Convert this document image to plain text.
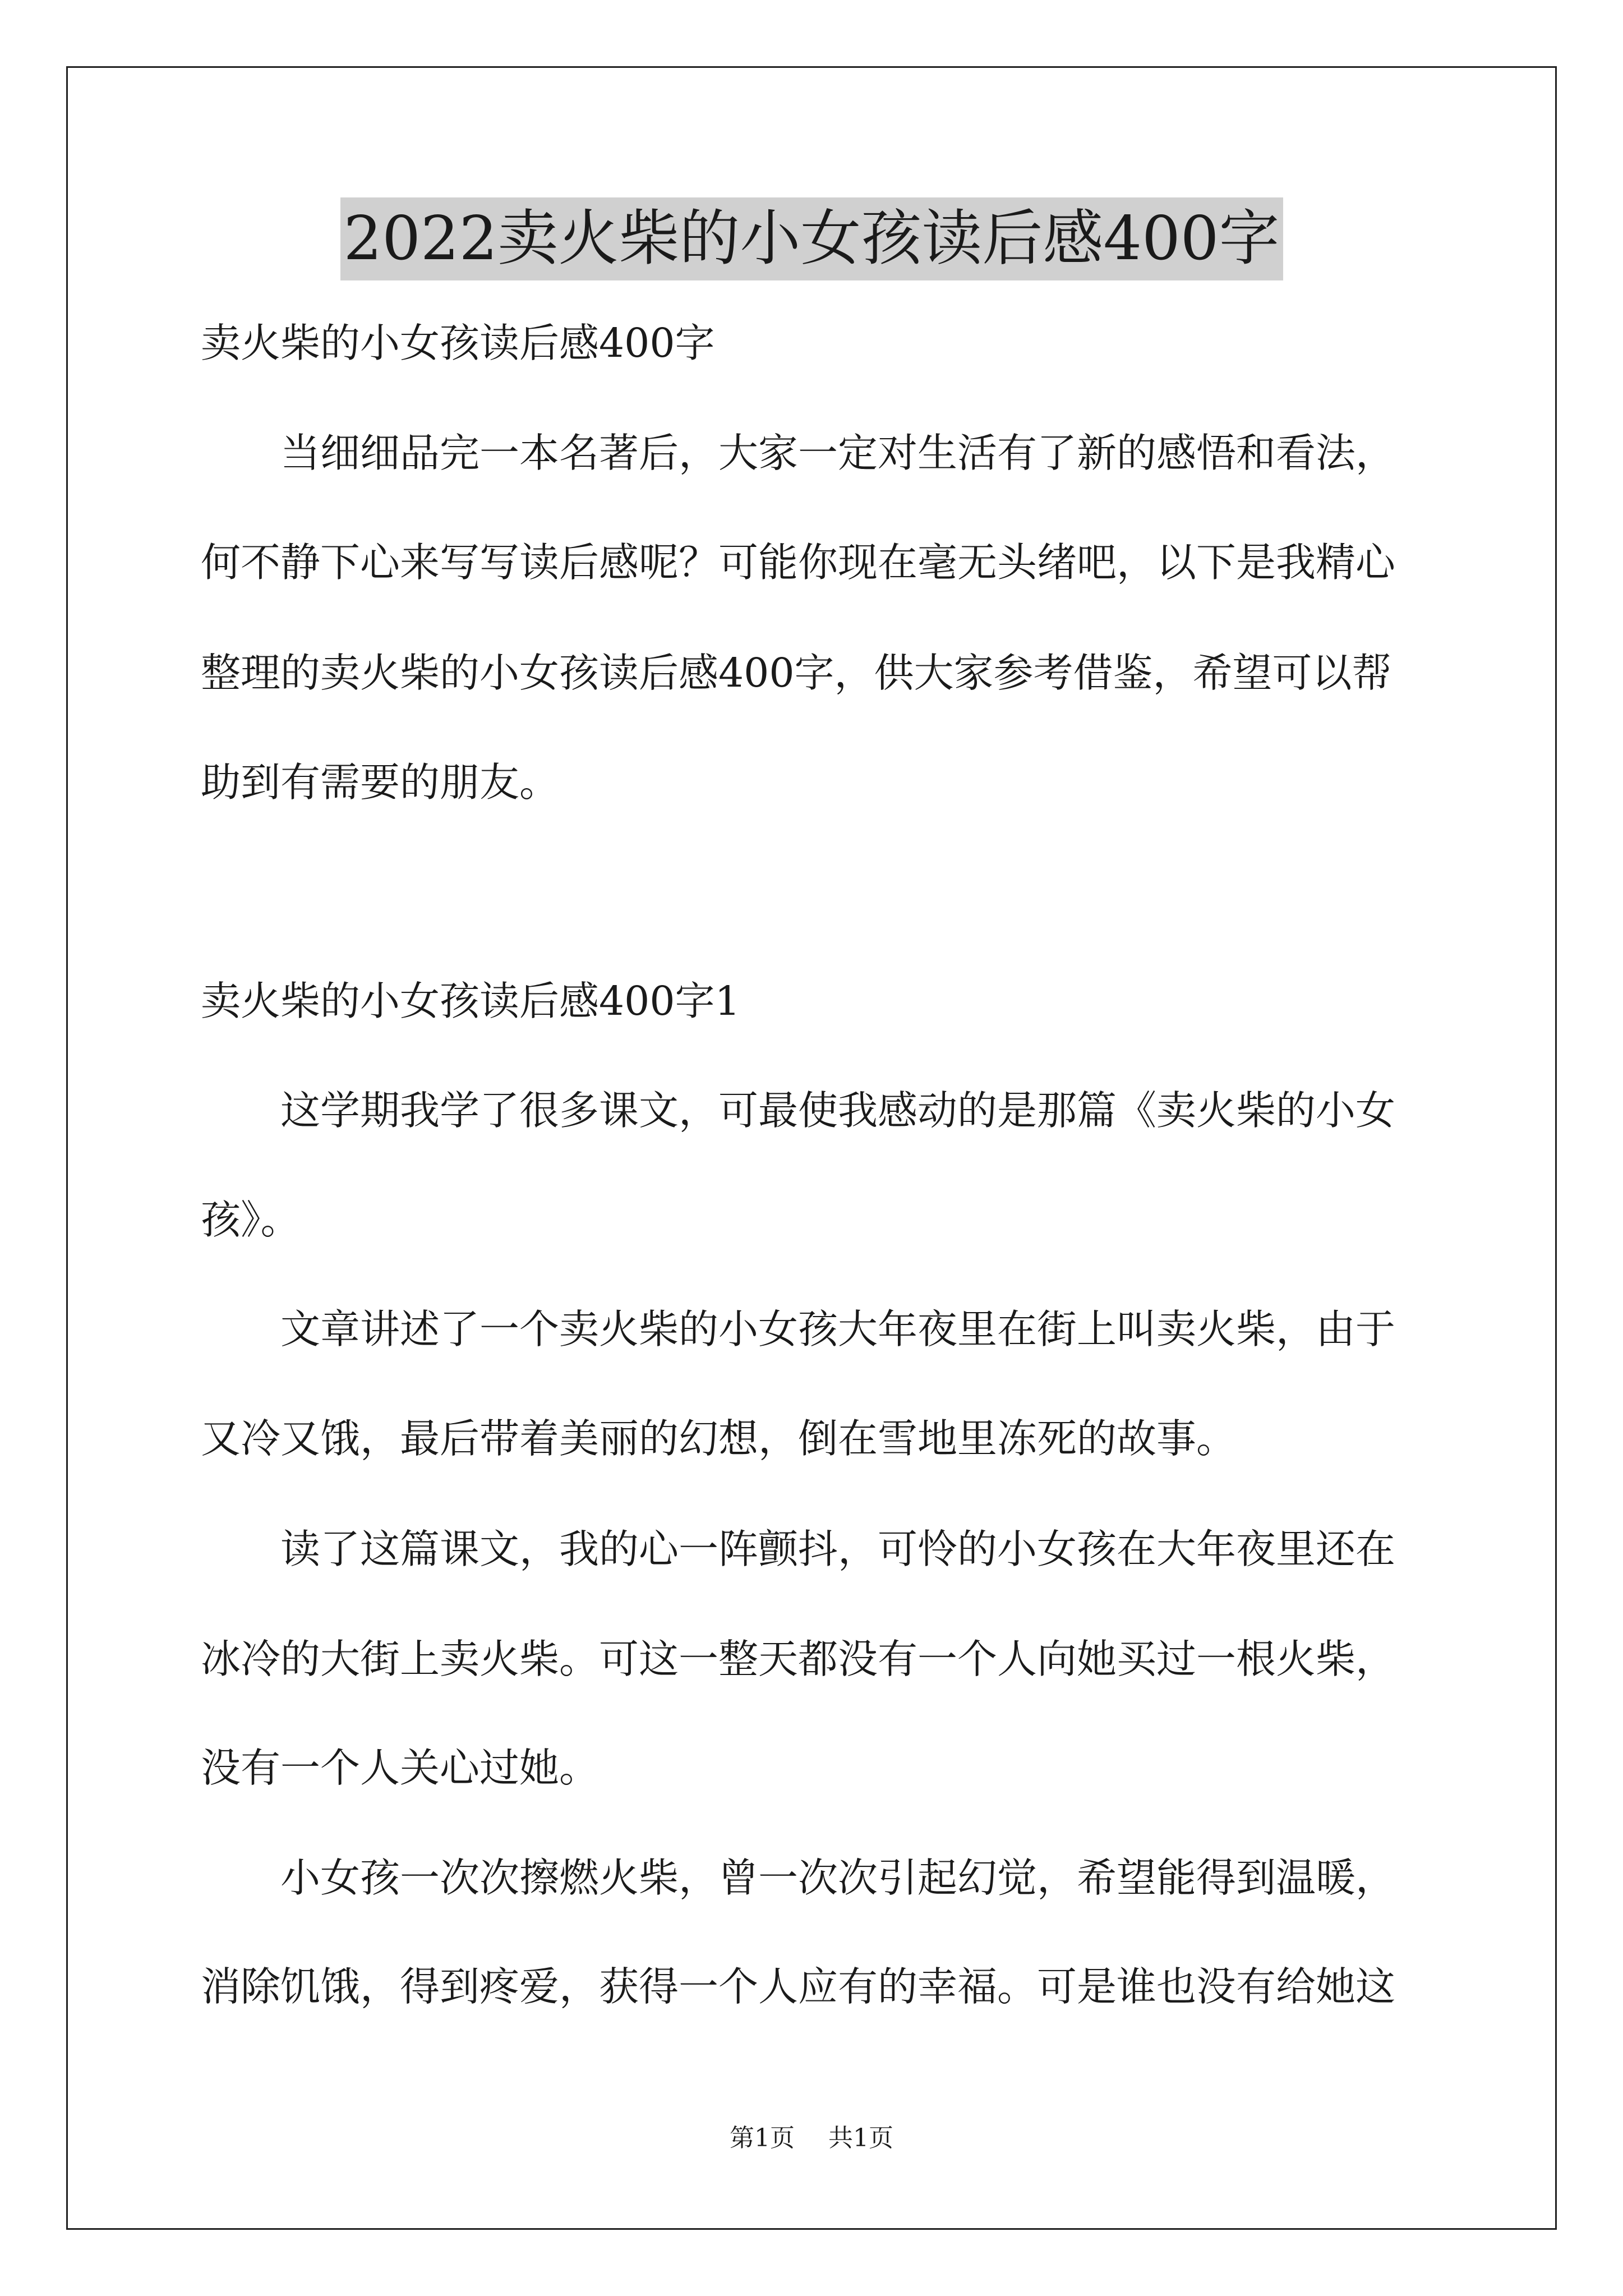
2022卖火柴的小女孩读后感400字
卖火柴的小女孩读后感400字
当细细品完一本名著后，大家一定对生活有了新的感悟和看法，
何不静下心来写写读后感呢？可能你现在毫无头绪吧，以下是我精心
整理的卖火柴的小女孩读后感400字，供大家参考借鉴，希望可以帮
助到有需要的朋友。
卖火柴的小女孩读后感400字1
这学期我学了很多课文，可最使我感动的是那篇《卖火柴的小女
孩》。
文章讲述了一个卖火柴的小女孩大年夜里在街上叫卖火柴，由于
又冷又饿，最后带着美丽的幻想，倒在雪地里冻死的故事。
读了这篇课文，我的心一阵颤抖，可怜的小女孩在大年夜里还在
冰冷的大街上卖火柴。可这一整天都没有一个人向她买过一根火柴，
没有一个人关心过她。
小女孩一次次擦燃火柴，曾一次次引起幻觉，希望能得到温暖，
消除饥饿，得到疼爱，获得一个人应有的幸福。可是谁也没有给她这
第1页 共1页
